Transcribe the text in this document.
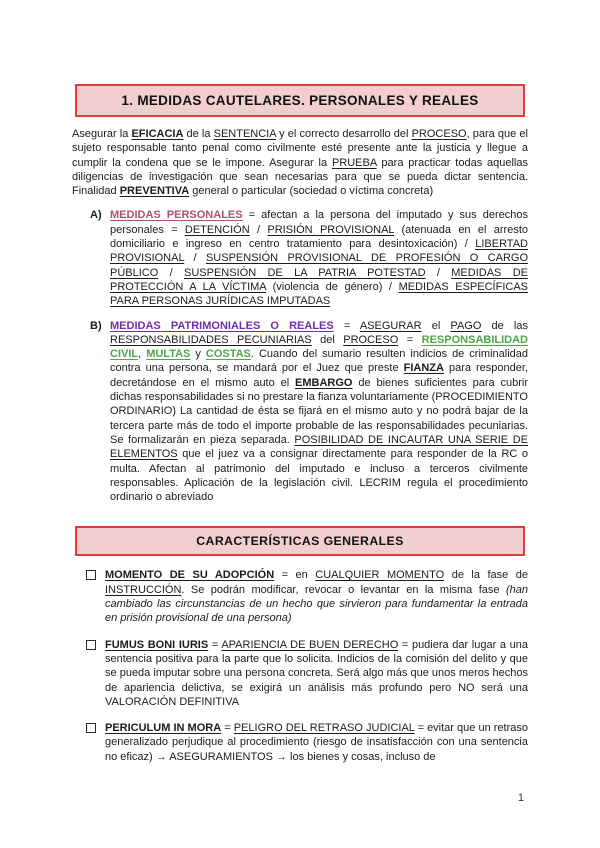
1. MEDIDAS CAUTELARES. PERSONALES Y REALES

Asegurar la EFICACIA de la SENTENCIA y el correcto desarrollo del PROCESO, para que el sujeto responsable tanto penal como civilmente esté presente ante la justicia y llegue a cumplir la condena que se le impone. Asegurar la PRUEBA para practicar todas aquellas diligencias de investigación que sean necesarias para que se pueda dictar sentencia. Finalidad PREVENTIVA general o particular (sociedad o víctima concreta)

A) MEDIDAS PERSONALES = afectan a la persona del imputado y sus derechos personales = DETENCIÓN / PRISIÓN PROVISIONAL (atenuada en el arresto domiciliario e ingreso en centro tratamiento para desintoxicación) / LIBERTAD PROVISIONAL / SUSPENSIÓN PROVISIONAL DE PROFESIÓN O CARGO PÚBLICO / SUSPENSIÓN DE LA PATRIA POTESTAD / MEDIDAS DE PROTECCIÓN A LA VÍCTIMA (violencia de género) / MEDIDAS ESPECÍFICAS PARA PERSONAS JURÍDICAS IMPUTADAS
B) MEDIDAS PATRIMONIALES O REALES = ASEGURAR el PAGO de las RESPONSABILIDADES PECUNIARIAS del PROCESO = RESPONSABILIDAD CIVIL, MULTAS y COSTAS. Cuando del sumario resulten indicios de criminalidad contra una persona, se mandará por el Juez que preste FIANZA para responder, decretándose en el mismo auto el EMBARGO de bienes suficientes para cubrir dichas responsabilidades si no prestare la fianza voluntariamente (PROCEDIMIENTO ORDINARIO) La cantidad de ésta se fijará en el mismo auto y no podrá bajar de la tercera parte más de todo el importe probable de las responsabilidades pecuniarias. Se formalizarán en pieza separada. POSIBILIDAD DE INCAUTAR UNA SERIE DE ELEMENTOS que el juez va a consignar directamente para responder de la RC o multa. Afectan al patrimonio del imputado e incluso a terceros civilmente responsables. Aplicación de la legislación civil. LECRIM regula el procedimiento ordinario o abreviado
CARACTERÍSTICAS GENERALES
MOMENTO DE SU ADOPCIÓN = en CUALQUIER MOMENTO de la fase de INSTRUCCIÓN. Se podrán modificar, revocar o levantar en la misma fase (han cambiado las circunstancias de un hecho que sirvieron para fundamentar la entrada en prisión provisional de una persona)
FUMUS BONI IURIS = APARIENCIA DE BUEN DERECHO = pudiera dar lugar a una sentencia positiva para la parte que lo solicita. Indicios de la comisión del delito y que se pueda imputar sobre una persona concreta. Será algo más que unos meros hechos de apariencia delictiva, se exigirá un análisis más profundo pero NO será una VALORACIÓN DEFINITIVA
PERICULUM IN MORA = PELIGRO DEL RETRASO JUDICIAL = evitar que un retraso generalizado perjudique al procedimiento (riesgo de insatisfacción con una sentencia no eficaz) → ASEGURAMIENTOS → los bienes y cosas, incluso de
1
